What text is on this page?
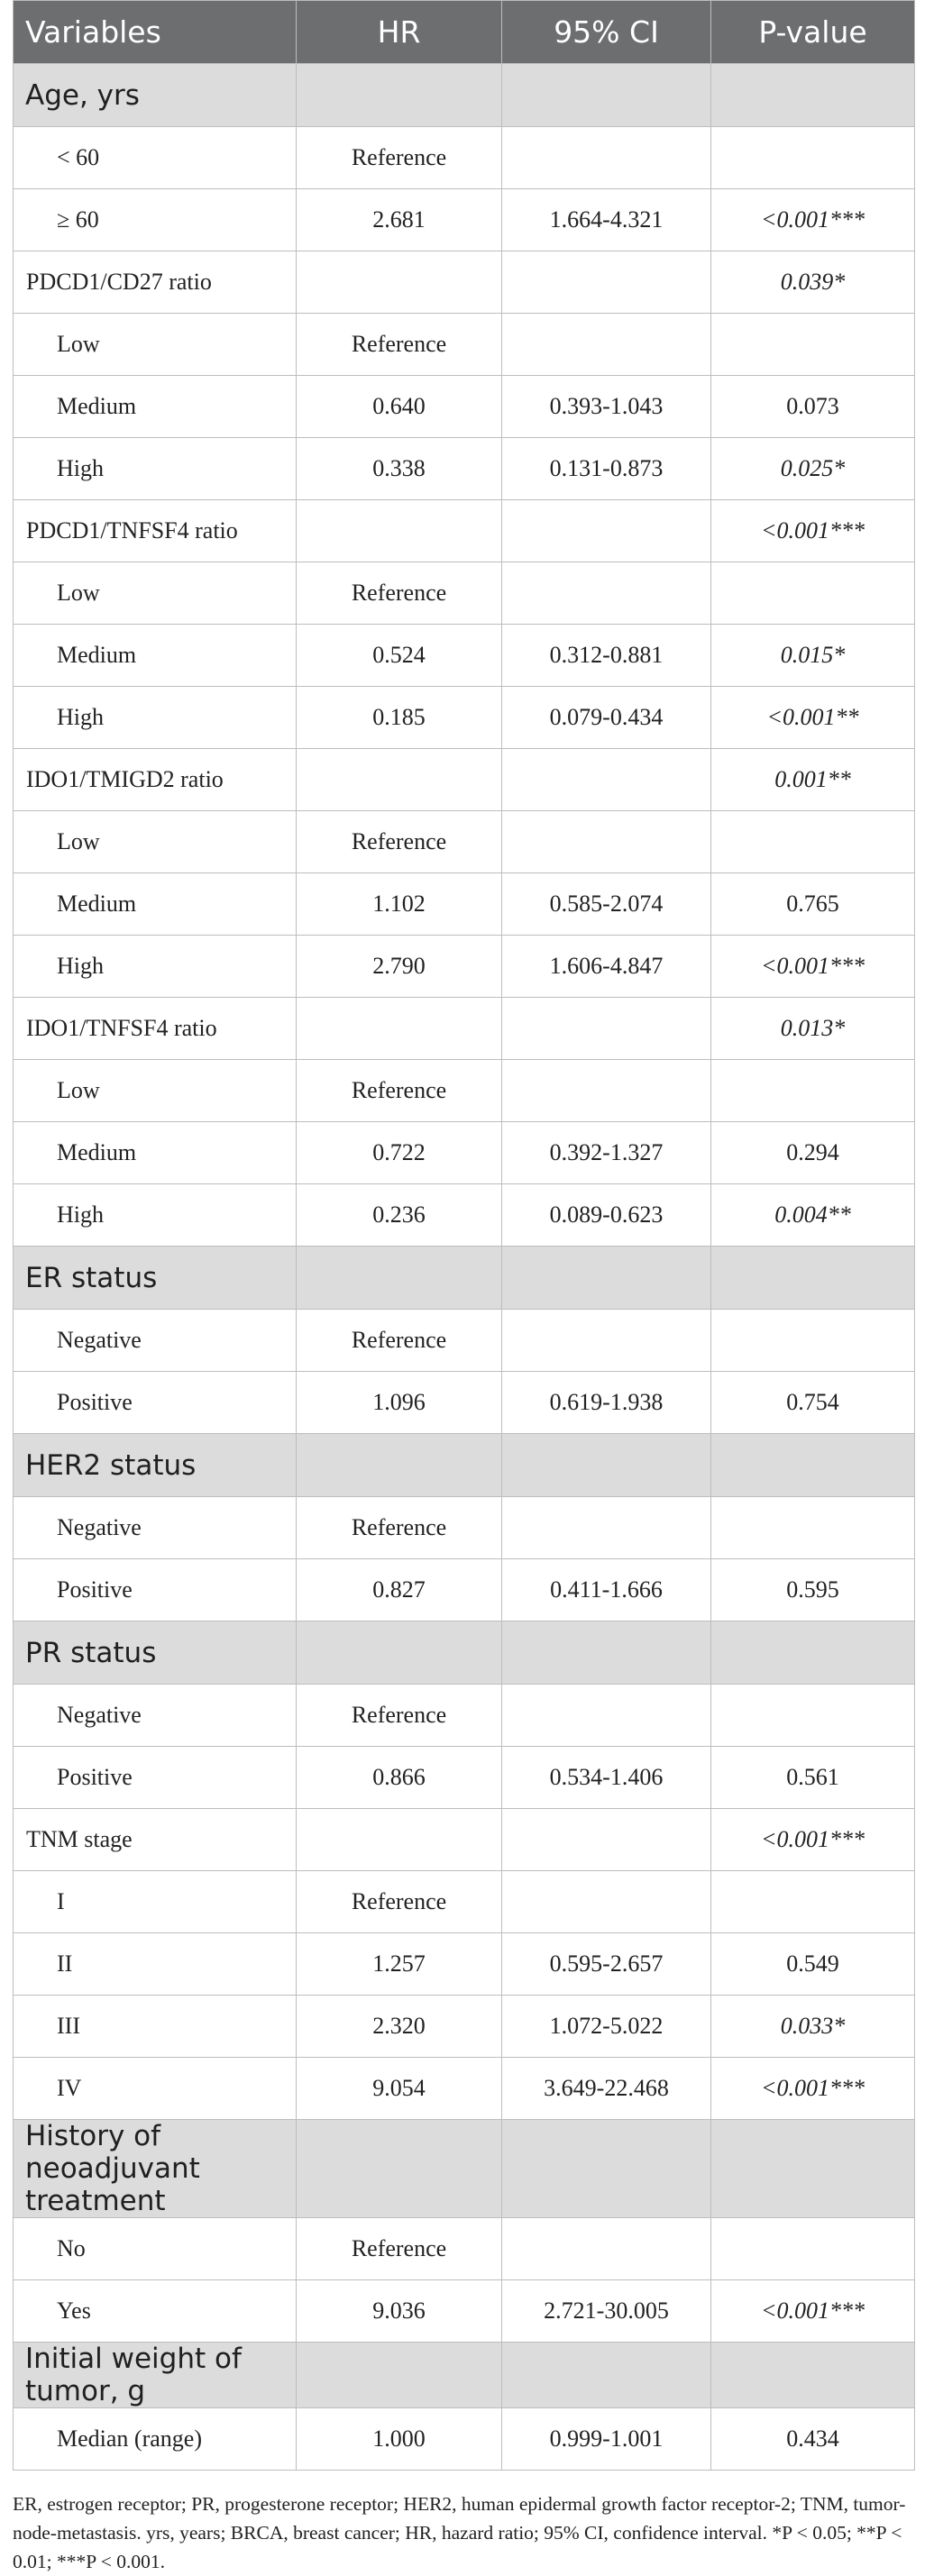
Variables	HR	95% CI	P-value
Age, yrs			
< 60	Reference		
≥ 60	2.681	1.664-4.321	<0.001***
PDCD1/CD27 ratio			0.039*
Low	Reference		
Medium	0.640	0.393-1.043	0.073
High	0.338	0.131-0.873	0.025*
PDCD1/TNFSF4 ratio			<0.001***
Low	Reference		
Medium	0.524	0.312-0.881	0.015*
High	0.185	0.079-0.434	<0.001**
IDO1/TMIGD2 ratio			0.001**
Low	Reference		
Medium	1.102	0.585-2.074	0.765
High	2.790	1.606-4.847	<0.001***
IDO1/TNFSF4 ratio			0.013*
Low	Reference		
Medium	0.722	0.392-1.327	0.294
High	0.236	0.089-0.623	0.004**
ER status			
Negative	Reference		
Positive	1.096	0.619-1.938	0.754
HER2 status			
Negative	Reference		
Positive	0.827	0.411-1.666	0.595
PR status			
Negative	Reference		
Positive	0.866	0.534-1.406	0.561
TNM stage			<0.001***
I	Reference		
II	1.257	0.595-2.657	0.549
III	2.320	1.072-5.022	0.033*
IV	9.054	3.649-22.468	<0.001***
History of neoadjuvant treatment			
No	Reference		
Yes	9.036	2.721-30.005	<0.001***
Initial weight of tumor, g			
Median (range)	1.000	0.999-1.001	0.434
ER, estrogen receptor; PR, progesterone receptor; HER2, human epidermal growth factor receptor-2; TNM, tumor-node-metastasis. yrs, years; BRCA, breast cancer; HR, hazard ratio; 95% CI, confidence interval. *P < 0.05; **P < 0.01; ***P < 0.001.
